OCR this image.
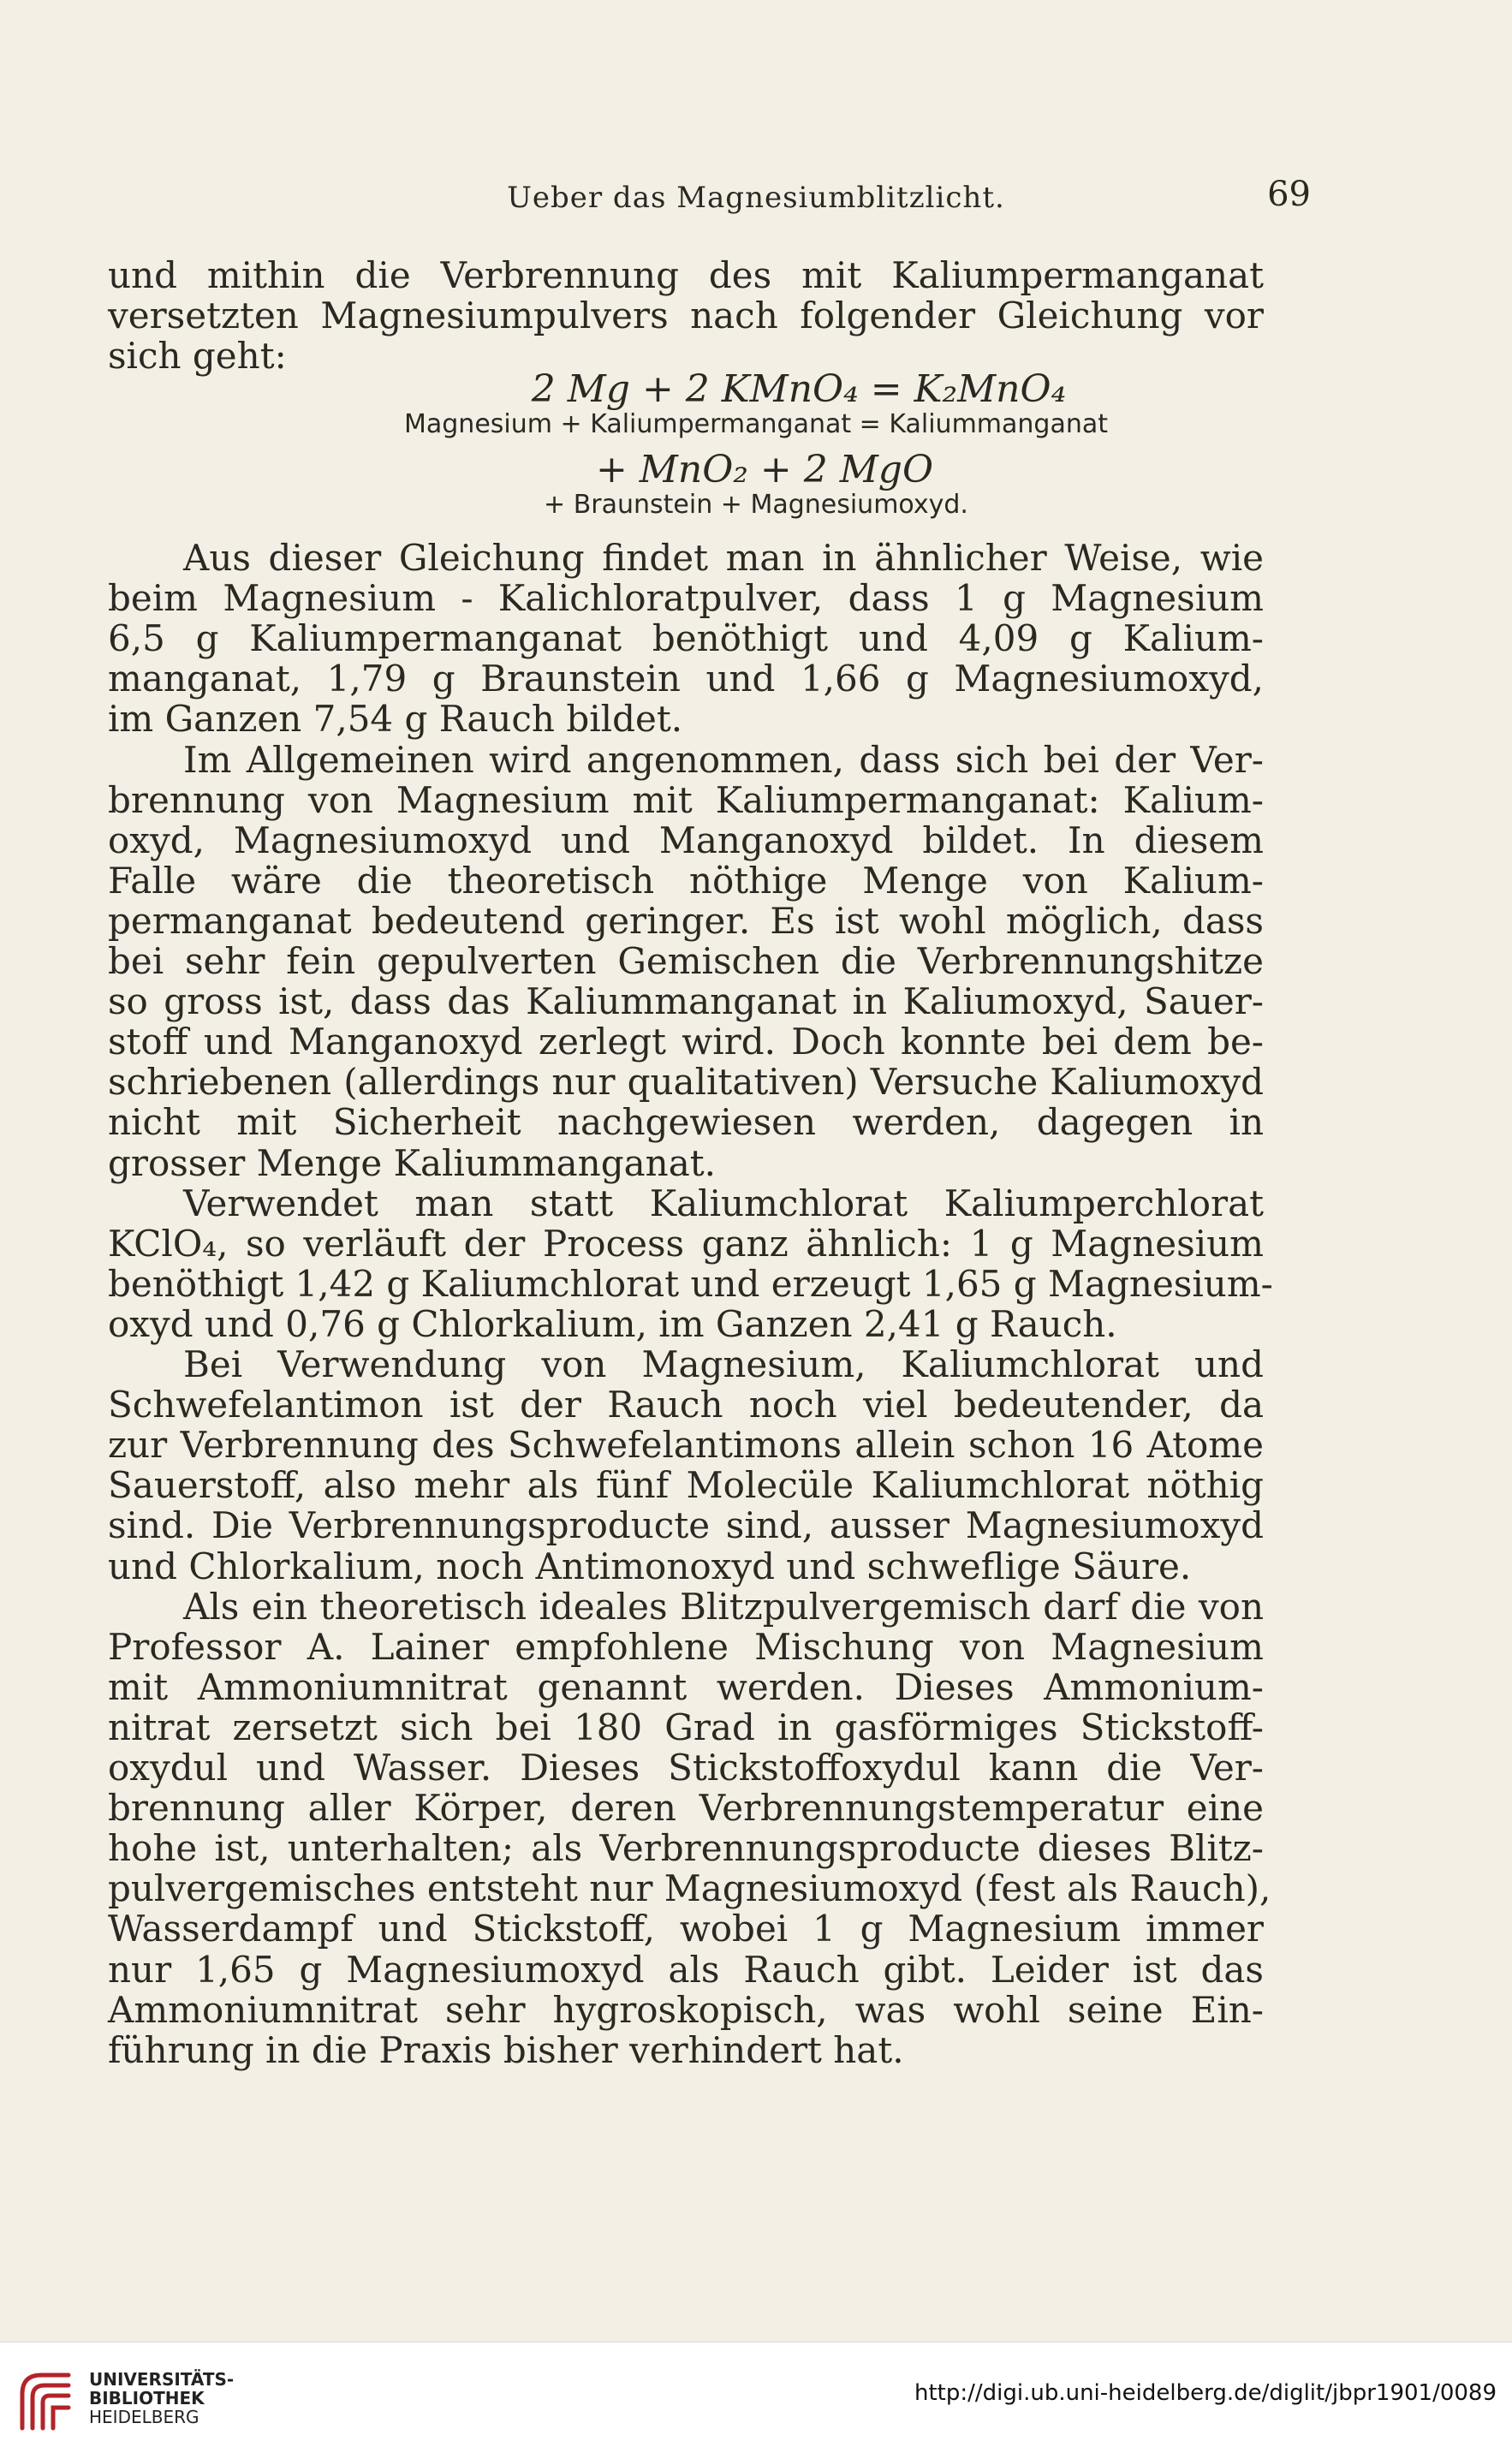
Ueber das Magnesiumblitzlicht.	69
und mithin die Verbrennung des mit Kaliumpermanganat
versetzten Magnesiumpulvers nach folgender Gleichung vor
sich geht:
2 Mg + 2 KMnO₄ = K₂MnO₄
Magnesium + Kaliumpermanganat = Kaliummanganat
+ MnO₂ + 2 MgO
+ Braunstein + Magnesiumoxyd.
Aus dieser Gleichung findet man in ähnlicher Weise, wie
beim Magnesium - Kalichloratpulver, dass 1 g Magnesium
6,5 g Kaliumpermanganat benöthigt und 4,09 g Kalium-
manganat, 1,79 g Braunstein und 1,66 g Magnesiumoxyd,
im Ganzen 7,54 g Rauch bildet.
Im Allgemeinen wird angenommen, dass sich bei der Ver-
brennung von Magnesium mit Kaliumpermanganat: Kalium-
oxyd, Magnesiumoxyd und Manganoxyd bildet. In diesem
Falle wäre die theoretisch nöthige Menge von Kalium-
permanganat bedeutend geringer. Es ist wohl möglich, dass
bei sehr fein gepulverten Gemischen die Verbrennungshitze
so gross ist, dass das Kaliummanganat in Kaliumoxyd, Sauer-
stoff und Manganoxyd zerlegt wird. Doch konnte bei dem be-
schriebenen (allerdings nur qualitativen) Versuche Kaliumoxyd
nicht mit Sicherheit nachgewiesen werden, dagegen in
grosser Menge Kaliummanganat.
Verwendet man statt Kaliumchlorat Kaliumperchlorat
KClO₄, so verläuft der Process ganz ähnlich: 1 g Magnesium
benöthigt 1,42 g Kaliumchlorat und erzeugt 1,65 g Magnesium-
oxyd und 0,76 g Chlorkalium, im Ganzen 2,41 g Rauch.
Bei Verwendung von Magnesium, Kaliumchlorat und
Schwefelantimon ist der Rauch noch viel bedeutender, da
zur Verbrennung des Schwefelantimons allein schon 16 Atome
Sauerstoff, also mehr als fünf Molecüle Kaliumchlorat nöthig
sind. Die Verbrennungsproducte sind, ausser Magnesiumoxyd
und Chlorkalium, noch Antimonoxyd und schweflige Säure.
Als ein theoretisch ideales Blitzpulvergemisch darf die von
Professor A. Lainer empfohlene Mischung von Magnesium
mit Ammoniumnitrat genannt werden. Dieses Ammonium-
nitrat zersetzt sich bei 180 Grad in gasförmiges Stickstoff-
oxydul und Wasser. Dieses Stickstoffoxydul kann die Ver-
brennung aller Körper, deren Verbrennungstemperatur eine
hohe ist, unterhalten; als Verbrennungsproducte dieses Blitz-
pulvergemisches entsteht nur Magnesiumoxyd (fest als Rauch),
Wasserdampf und Stickstoff, wobei 1 g Magnesium immer
nur 1,65 g Magnesiumoxyd als Rauch gibt. Leider ist das
Ammoniumnitrat sehr hygroskopisch, was wohl seine Ein-
führung in die Praxis bisher verhindert hat.
UNIVERSITÄTS-
BIBLIOTHEK
HEIDELBERG
http://digi.ub.uni-heidelberg.de/diglit/jbpr1901/0089
